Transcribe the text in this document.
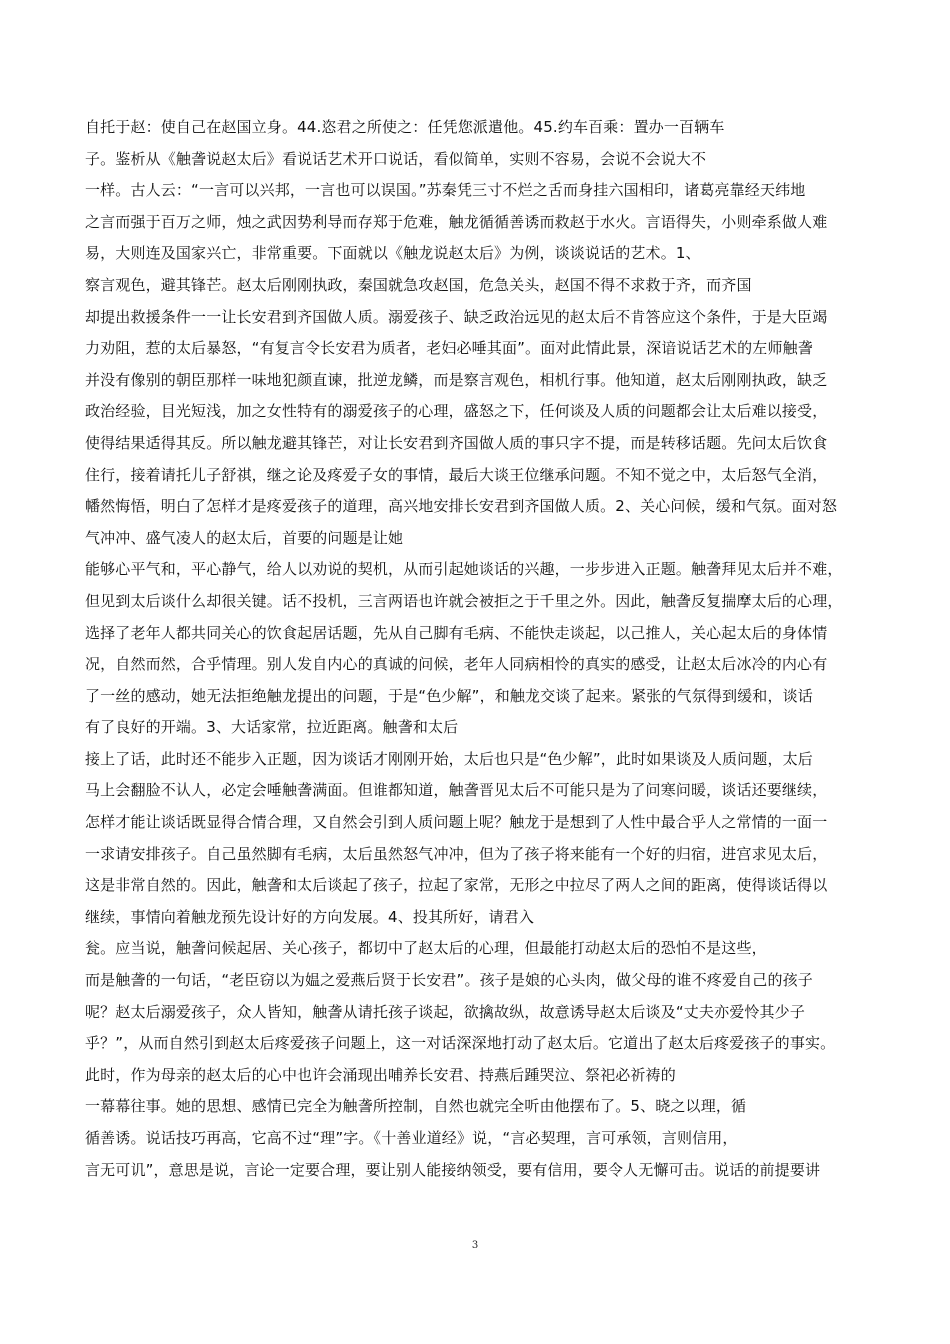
自托于赵：使自己在赵国立身。44.恣君之所使之：任凭您派遣他。45.约车百乘：置办一百辆车
子。鉴析从《触詟说赵太后》看说话艺术开口说话，看似简单，实则不容易，会说不会说大不
一样。古人云：“一言可以兴邦，一言也可以误国。”苏秦凭三寸不烂之舌而身挂六国相印，诸葛亮靠经天纬地
之言而强于百万之师，烛之武因势利导而存郑于危难，触龙循循善诱而救赵于水火。言语得失，小则牵系做人难
易，大则连及国家兴亡，非常重要。下面就以《触龙说赵太后》为例，谈谈说话的艺术。1、
察言观色，避其锋芒。赵太后刚刚执政，秦国就急攻赵国，危急关头，赵国不得不求救于齐，而齐国
却提出救援条件一一让长安君到齐国做人质。溺爱孩子、缺乏政治远见的赵太后不肯答应这个条件，于是大臣竭
力劝阻，惹的太后暴怒，“有复言令长安君为质者，老妇必唾其面”。面对此情此景，深谙说话艺术的左师触詟
并没有像别的朝臣那样一味地犯颜直谏，批逆龙鳞，而是察言观色，相机行事。他知道，赵太后刚刚执政，缺乏
政治经验，目光短浅，加之女性特有的溺爱孩子的心理，盛怒之下，任何谈及人质的问题都会让太后难以接受，
使得结果适得其反。所以触龙避其锋芒，对让长安君到齐国做人质的事只字不提，而是转移话题。先问太后饮食
住行，接着请托儿子舒祺，继之论及疼爱子女的事情，最后大谈王位继承问题。不知不觉之中，太后怒气全消，
幡然悔悟，明白了怎样才是疼爱孩子的道理，高兴地安排长安君到齐国做人质。2、关心问候，缓和气氛。面对怒
气冲冲、盛气凌人的赵太后，首要的问题是让她
能够心平气和，平心静气，给人以劝说的契机，从而引起她谈话的兴趣，一步步进入正题。触詟拜见太后并不难，
但见到太后谈什么却很关键。话不投机，三言两语也许就会被拒之于千里之外。因此，触詟反复揣摩太后的心理，
选择了老年人都共同关心的饮食起居话题，先从自己脚有毛病、不能快走谈起，以己推人，关心起太后的身体情
况，自然而然，合乎情理。别人发自内心的真诚的问候，老年人同病相怜的真实的感受，让赵太后冰冷的内心有
了一丝的感动，她无法拒绝触龙提出的问题，于是“色少解”，和触龙交谈了起来。紧张的气氛得到缓和，谈话
有了良好的开端。3、大话家常，拉近距离。触詟和太后
接上了话，此时还不能步入正题，因为谈话才刚刚开始，太后也只是“色少解”，此时如果谈及人质问题，太后
马上会翻脸不认人，必定会唾触詟满面。但谁都知道，触詟晋见太后不可能只是为了问寒问暖，谈话还要继续，
怎样才能让谈话既显得合情合理，又自然会引到人质问题上呢？触龙于是想到了人性中最合乎人之常情的一面一
一求请安排孩子。自己虽然脚有毛病，太后虽然怒气冲冲，但为了孩子将来能有一个好的归宿，进宫求见太后，
这是非常自然的。因此，触詟和太后谈起了孩子，拉起了家常，无形之中拉尽了两人之间的距离，使得谈话得以
继续，事情向着触龙预先设计好的方向发展。4、投其所好，请君入
瓮。应当说，触詟问候起居、关心孩子，都切中了赵太后的心理，但最能打动赵太后的恐怕不是这些，
而是触詟的一句话，“老臣窃以为媪之爱燕后贤于长安君”。孩子是娘的心头肉，做父母的谁不疼爱自己的孩子
呢？赵太后溺爱孩子，众人皆知，触詟从请托孩子谈起，欲擒故纵，故意诱导赵太后谈及“丈夫亦爱怜其少子
乎？”，从而自然引到赵太后疼爱孩子问题上，这一对话深深地打动了赵太后。它道出了赵太后疼爱孩子的事实。
此时，作为母亲的赵太后的心中也许会涌现出哺养长安君、持燕后踵哭泣、祭祀必祈祷的
一幕幕往事。她的思想、感情已完全为触詟所控制，自然也就完全听由他摆布了。5、晓之以理，循
循善诱。说话技巧再高，它高不过“理”字。《十善业道经》说，“言必契理，言可承领，言则信用，
言无可讥”，意思是说，言论一定要合理，要让别人能接纳领受，要有信用，要令人无懈可击。说话的前提要讲
3
